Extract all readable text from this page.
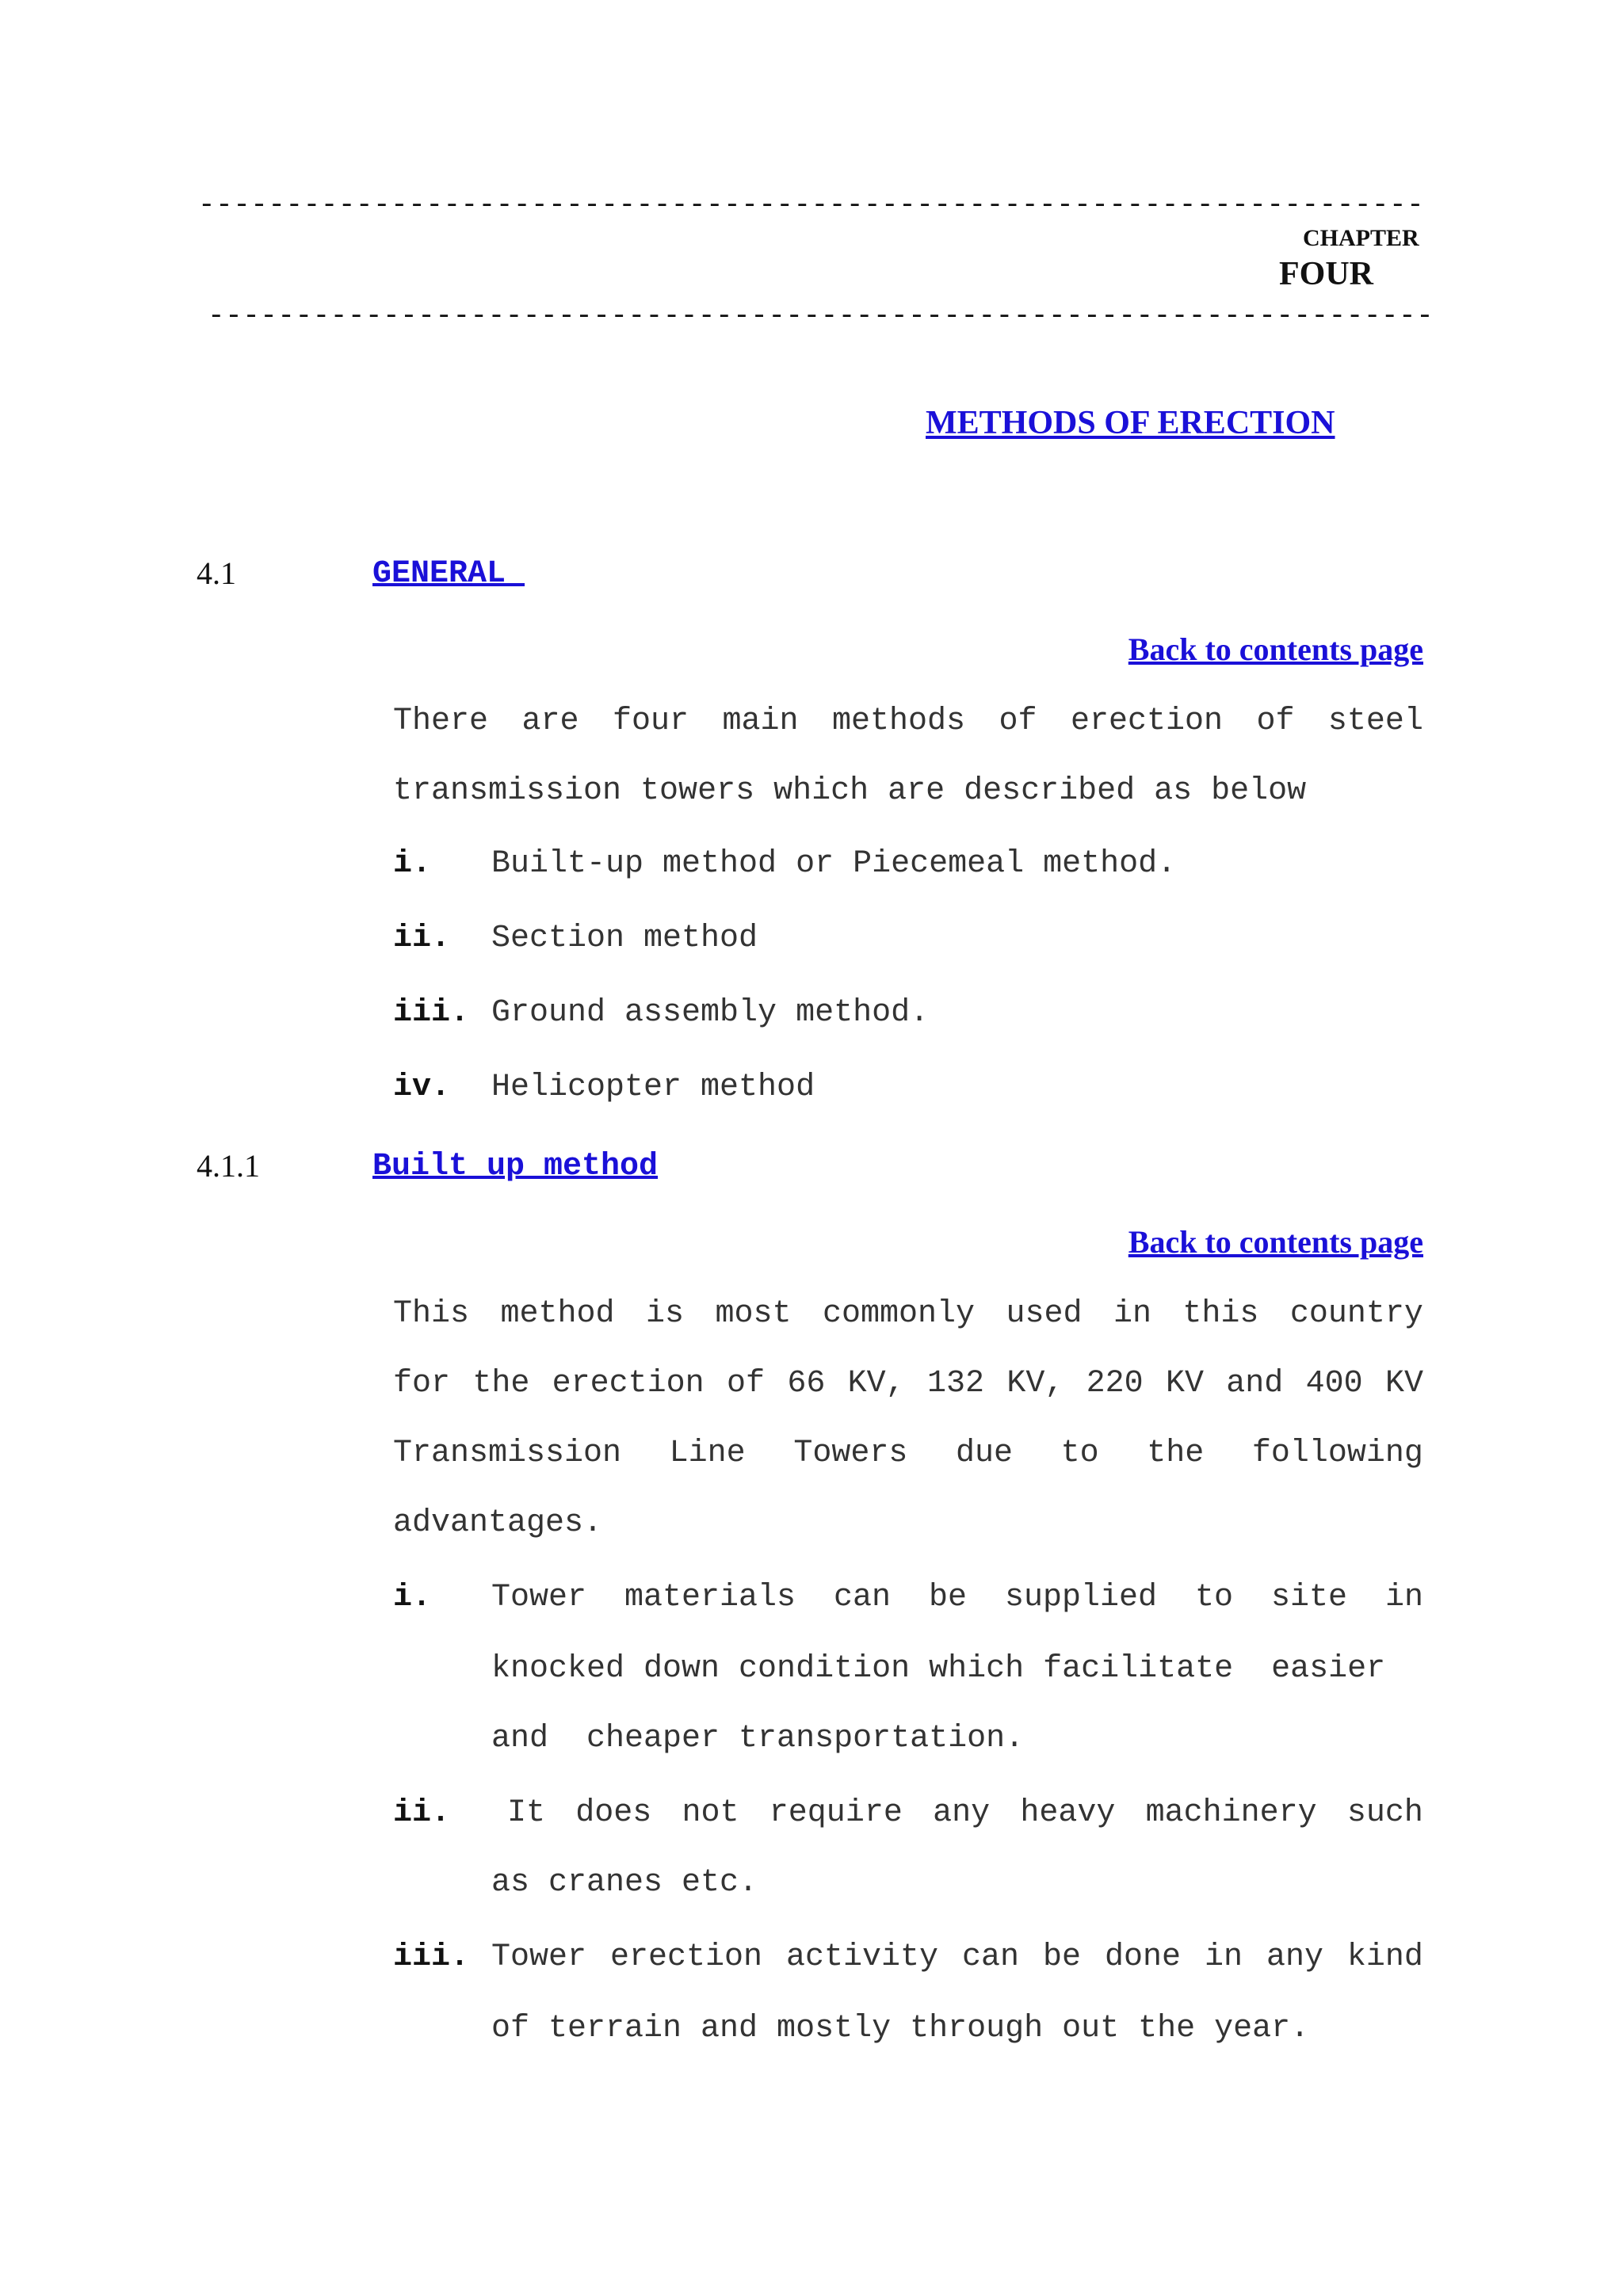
----------------------------------------------------------------------
CHAPTER
FOUR
----------------------------------------------------------------------
METHODS OF ERECTION
4.1	GENERAL
Back to contents page
There are four main methods of erection of steel
transmission towers which are described as below
i. Built-up method or Piecemeal method.
ii. Section method
iii. Ground assembly method.
iv. Helicopter method
4.1.1	Built up method
Back to contents page
This method is most commonly used in this country
for the erection of 66 KV, 132 KV, 220 KV and 400 KV
Transmission Line Towers due to the following
advantages.
i. Tower materials can be supplied to site in
knocked down condition which facilitate  easier
and  cheaper transportation.
ii. It does not require any heavy machinery such
as cranes etc.
iii. Tower erection activity can be done in any kind
of terrain and mostly through out the year.
